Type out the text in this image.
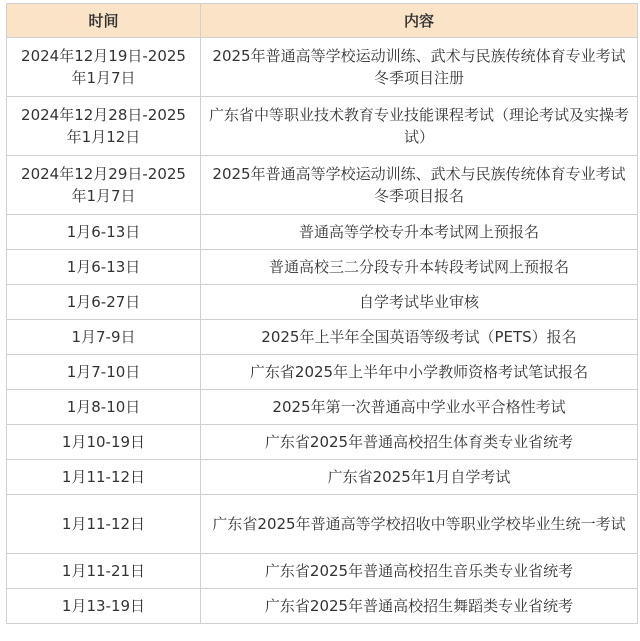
时间	内容
2024年12月19日-2025年1月7日	2025年普通高等学校运动训练、武术与民族传统体育专业考试冬季项目注册
2024年12月28日-2025年1月12日	广东省中等职业技术教育专业技能课程考试（理论考试及实操考试）
2024年12月29日-2025年1月7日	2025年普通高等学校运动训练、武术与民族传统体育专业考试冬季项目报名
1月6-13日	普通高等学校专升本考试网上预报名
1月6-13日	普通高校三二分段专升本转段考试网上预报名
1月6-27日	自学考试毕业审核
1月7-9日	2025年上半年全国英语等级考试（PETS）报名
1月7-10日	广东省2025年上半年中小学教师资格考试笔试报名
1月8-10日	2025年第一次普通高中学业水平合格性考试
1月10-19日	广东省2025年普通高校招生体育类专业省统考
1月11-12日	广东省2025年1月自学考试
1月11-12日	广东省2025年普通高等学校招收中等职业学校毕业生统一考试
1月11-21日	广东省2025年普通高校招生音乐类专业省统考
1月13-19日	广东省2025年普通高校招生舞蹈类专业省统考
